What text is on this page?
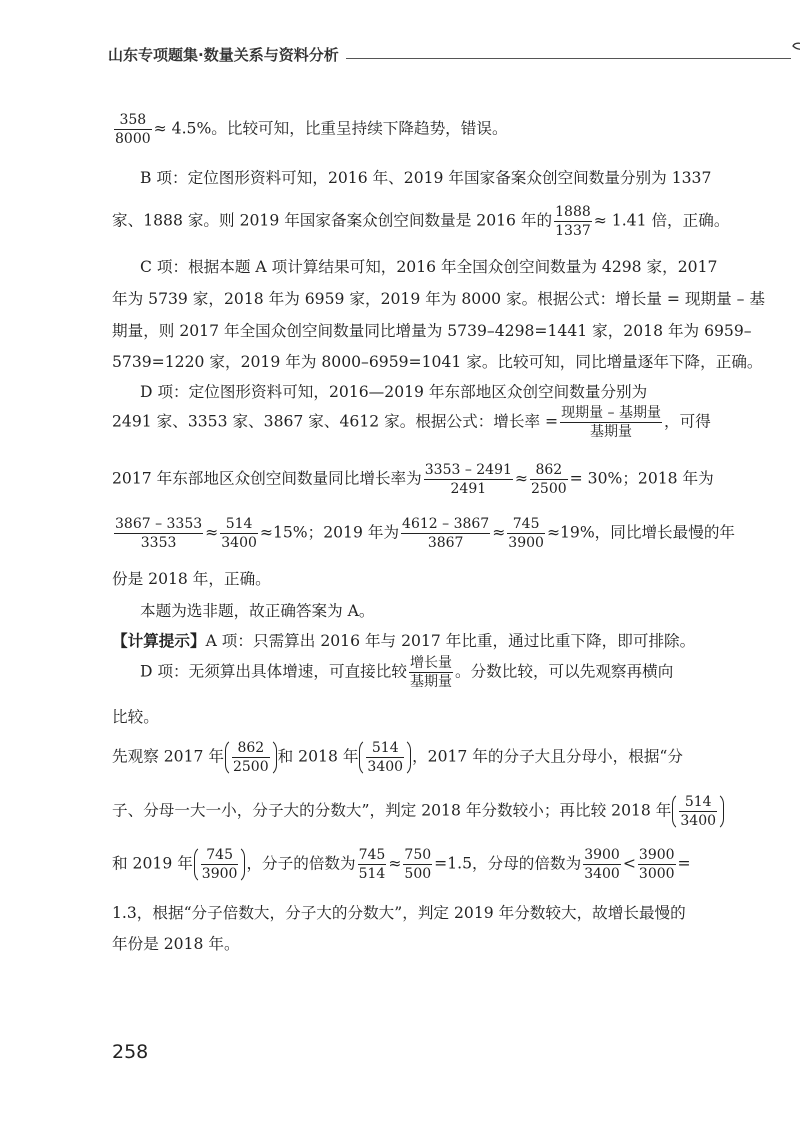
山东专项题集·数量关系与资料分析
$\frac{358}{8000} \approx 4.5\%$。比较可知，比重呈持续下降趋势，错误。
B 项：定位图形资料可知，2016 年、2019 年国家备案众创空间数量分别为 1337
家、1888 家。则 2019 年国家备案众创空间数量是 2016 年的 $\frac{1888}{1337} \approx 1.41$ 倍，正确。
C 项：根据本题 A 项计算结果可知，2016 年全国众创空间数量为 4298 家，2017
年为 5739 家，2018 年为 6959 家，2019 年为 8000 家。根据公式：增长量 = 现期量 – 基
期量，则 2017 年全国众创空间数量同比增量为 5739–4298=1441 家，2018 年为 6959–
5739=1220 家，2019 年为 8000–6959=1041 家。比较可知，同比增量逐年下降，正确。
D 项：定位图形资料可知，2016—2019 年东部地区众创空间数量分别为
2491 家、3353 家、3867 家、4612 家。根据公式：增长率 = $\frac{\text{现期量 – 基期量}}{\text{基期量}}$ ，可得
2017 年东部地区众创空间数量同比增长率为 $\frac{3353 - 2491}{2491} \approx \frac{862}{2500} = 30\%$；2018 年为
$\frac{3867 - 3353}{3353} \approx \frac{514}{3400} \approx 15\%$；2019 年为 $\frac{4612 - 3867}{3867} \approx \frac{745}{3900} \approx 19\%$，同比增长最慢的年
份是 2018 年，正确。
本题为选非题，故正确答案为 A。
【计算提示】A 项：只需算出 2016 年与 2017 年比重，通过比重下降，即可排除。
D 项：无须算出具体增速，可直接比较 $\frac{\text{增长量}}{\text{基期量}}$ 。分数比较，可以先观察再横向
比较。
先观察 2017 年 $\frac{862}{2500}$ 和 2018 年 $\frac{514}{3400}$ ，2017 年的分子大且分母小，根据“分
子、分母一大一小，分子大的分数大”，判定 2018 年分数较小；再比较 2018 年 $\frac{514}{3400}$
和 2019 年 $\frac{745}{3900}$ ，分子的倍数为 $\frac{745}{514} \approx \frac{750}{500} =1.5$，分母的倍数为 $\frac{3900}{3400} < \frac{3900}{3000}$ =
1.3，根据“分子倍数大，分子大的分数大”，判定 2019 年分数较大，故增长最慢的
年份是 2018 年。
258
